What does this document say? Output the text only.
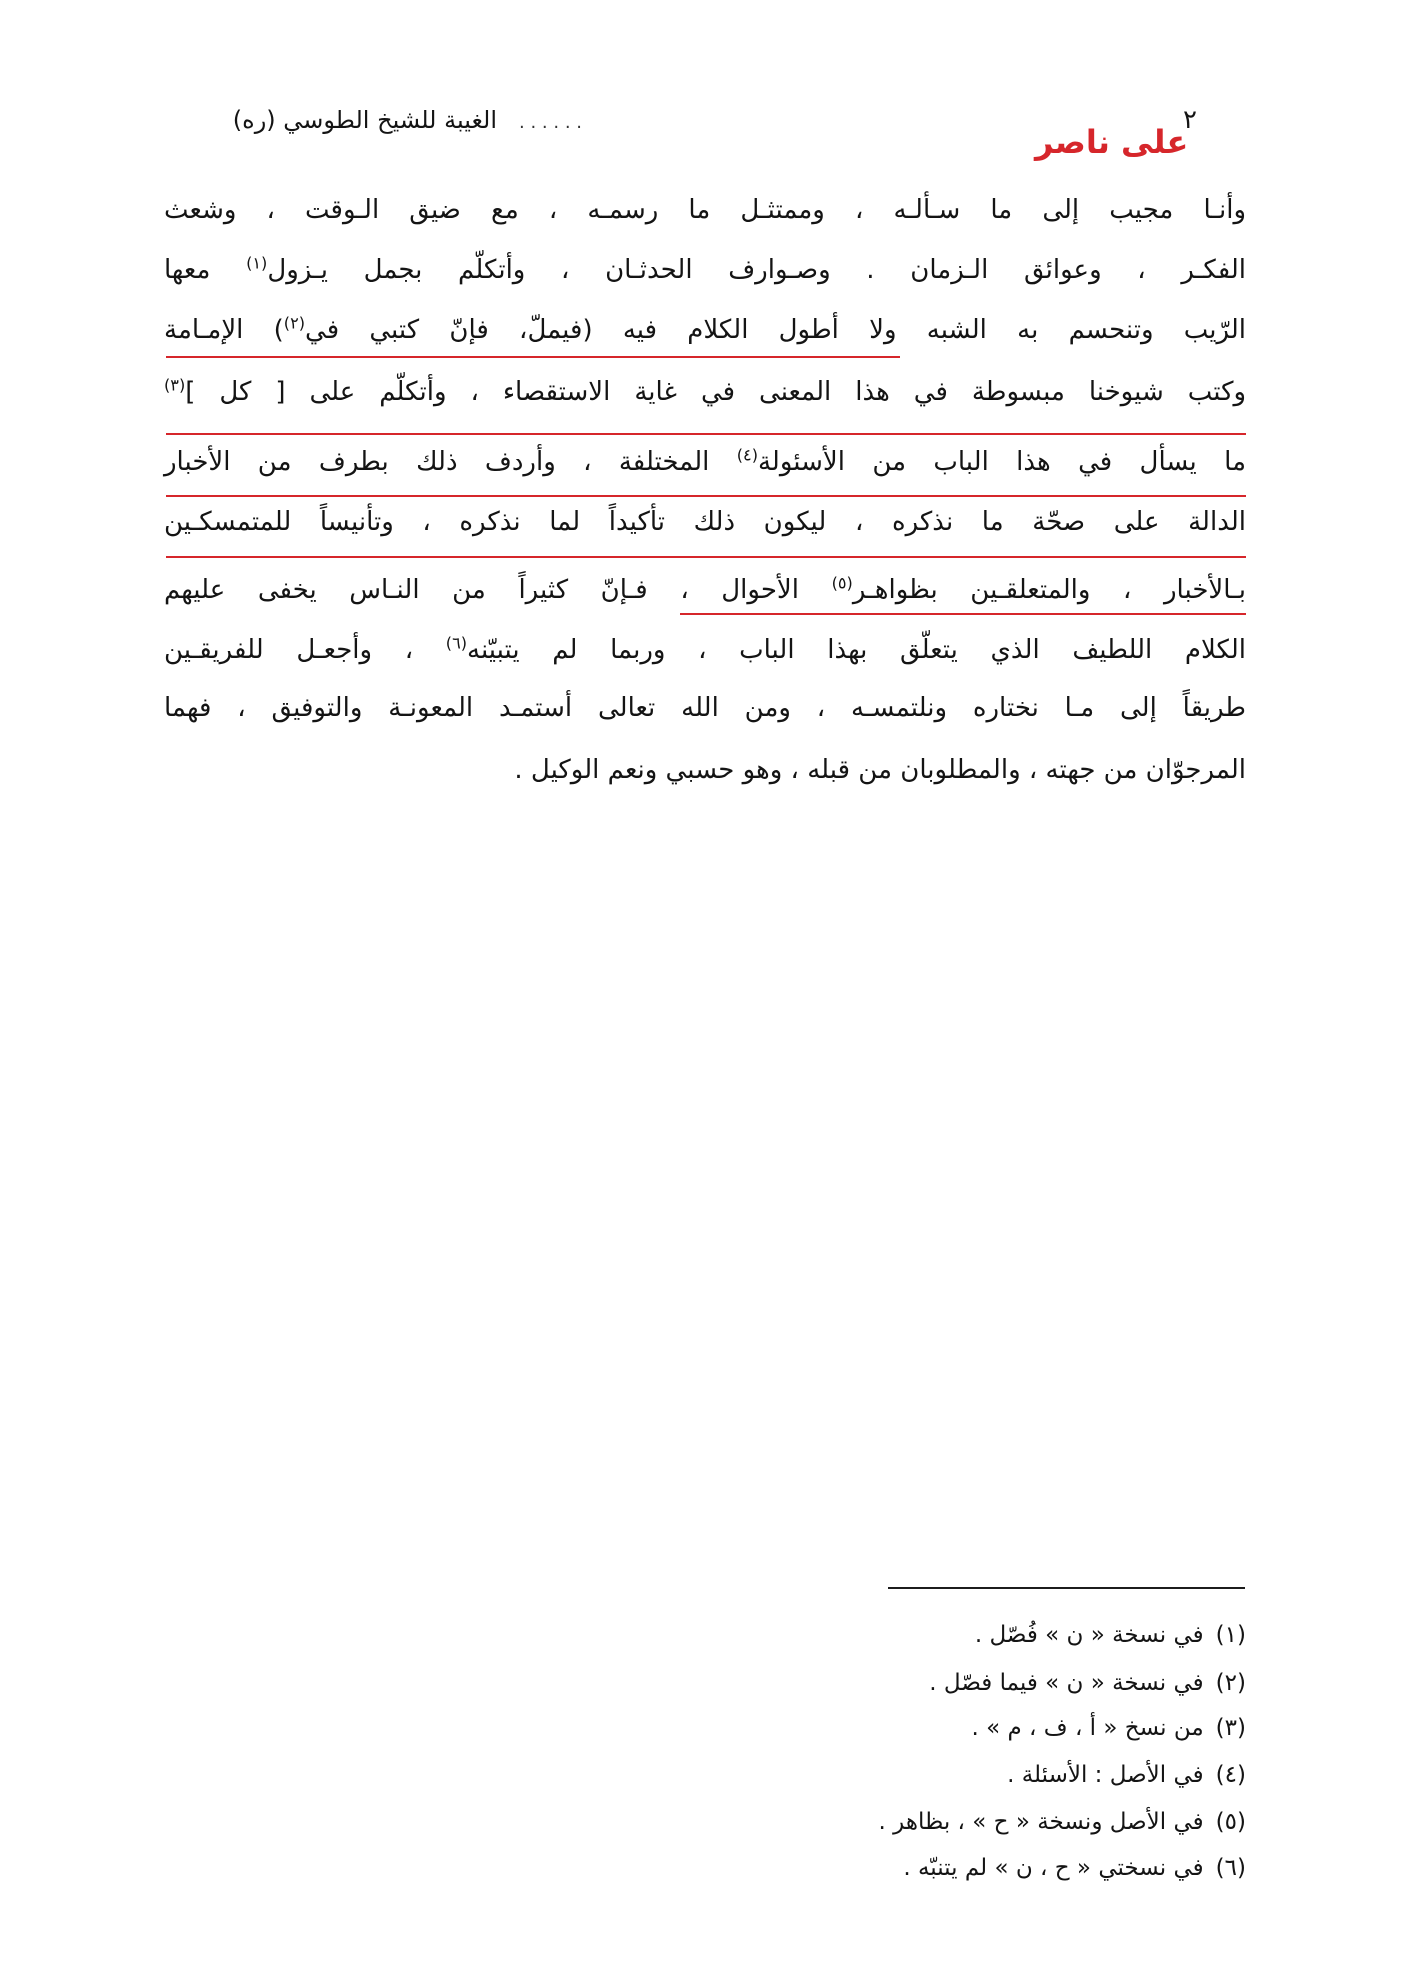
٢
على ناصر
. . . . . .الغيبة للشيخ الطوسي (ره)
وأنـا مجيب إلى ما سـألـه ، وممتثـل ما رسمـه ، مع ضيق الـوقت ، وشعث
الفكـر ، وعوائق الـزمان . وصـوارف الحدثـان ، وأتكلّم بجمل يـزول$^{(١)}$ معها
الرّيب وتنحسم به الشبه ولا أطول الكلام فيه (فيملّ، فإنّ كتبي في$^{(٢)}$) الإمـامة
وكتب شيوخنا مبسوطة في هذا المعنى في غاية الاستقصاء ، وأتكلّم على [ كل ]$^{(٣)}$
ما يسأل في هذا الباب من الأسئولة$^{(٤)}$ المختلفة ، وأردف ذلك بطرف من الأخبار
الدالة على صحّة ما نذكره ، ليكون ذلك تأكيداً لما نذكره ، وتأنيساً للمتمسكـين
بـالأخبار ، والمتعلقـين بظواهـر$^{(٥)}$ الأحوال ، فـإنّ كثيراً من النـاس يخفى عليهم
الكلام اللطيف الذي يتعلّق بهذا الباب ، وربما لم يتبيّنه$^{(٦)}$ ، وأجعـل للفريقـين
طريقاً إلى مـا نختاره ونلتمسـه ، ومن الله تعالى أستمـد المعونـة والتوفيق ، فهما
المرجوّان من جهته ، والمطلوبان من قبله ، وهو حسبي ونعم الوكيل .
(١)في نسخة « ن » فُصّل .
(٢)في نسخة « ن » فيما فصّل .
(٣)من نسخ « أ ، ف ، م » .
(٤)في الأصل : الأسئلة .
(٥)في الأصل ونسخة « ح » ، بظاهر .
(٦)في نسختي « ح ، ن » لم يتنبّه .
